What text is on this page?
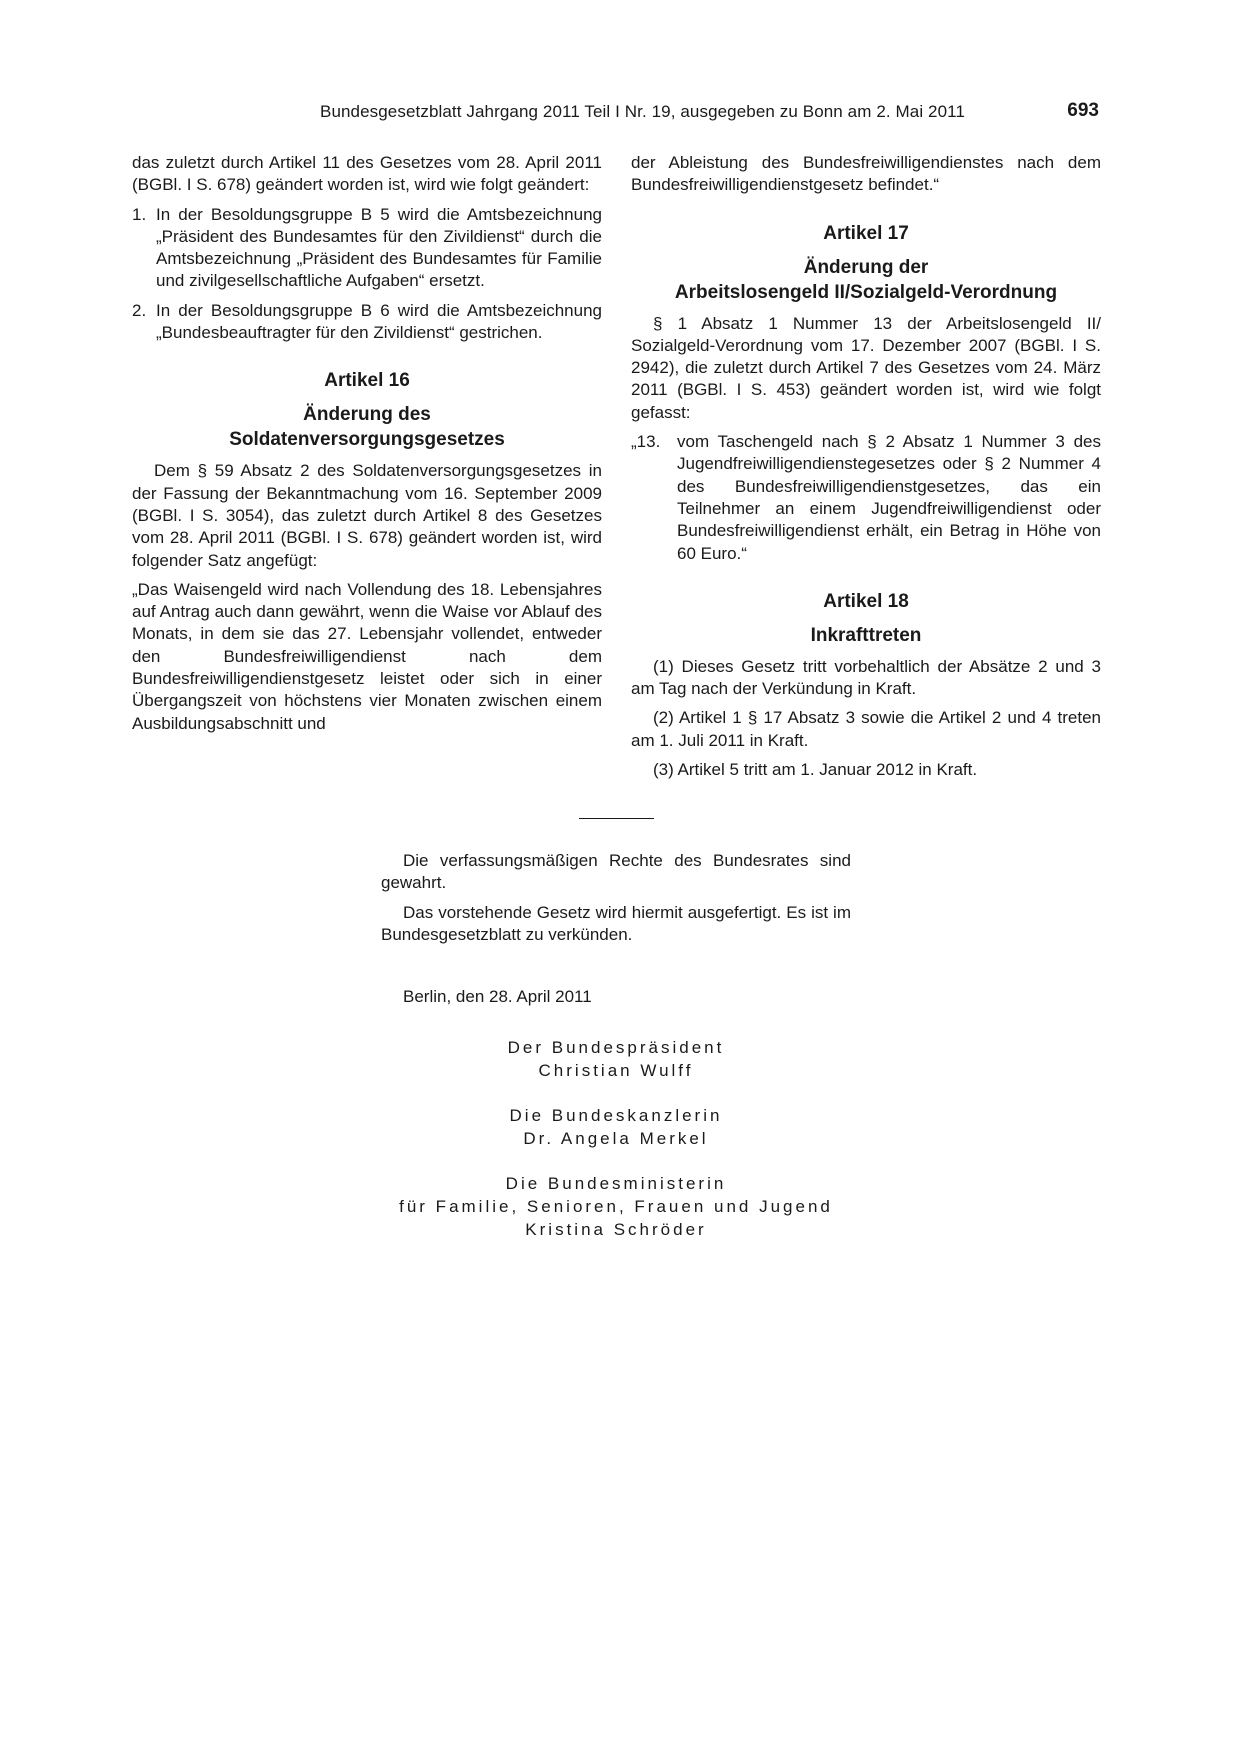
Bundesgesetzblatt Jahrgang 2011 Teil I Nr. 19, ausgegeben zu Bonn am 2. Mai 2011	693

das zuletzt durch Artikel 11 des Gesetzes vom 28. April 2011 (BGBl. I S. 678) geändert worden ist, wird wie folgt geändert:

1. In der Besoldungsgruppe B 5 wird die Amtsbezeichnung „Präsident des Bundesamtes für den Zivildienst“ durch die Amtsbezeichnung „Präsident des Bundesamtes für Familie und zivilgesellschaftliche Aufgaben“ ersetzt.
2. In der Besoldungsgruppe B 6 wird die Amtsbezeichnung „Bundesbeauftragter für den Zivildienst“ gestrichen.
Artikel 16
Änderung des
Soldatenversorgungsgesetzes

Dem § 59 Absatz 2 des Soldatenversorgungsgesetzes in der Fassung der Bekanntmachung vom 16. September 2009 (BGBl. I S. 3054), das zuletzt durch Artikel 8 des Gesetzes vom 28. April 2011 (BGBl. I S. 678) geändert worden ist, wird folgender Satz angefügt:

„Das Waisengeld wird nach Vollendung des 18. Lebensjahres auf Antrag auch dann gewährt, wenn die Waise vor Ablauf des Monats, in dem sie das 27. Lebensjahr vollendet, entweder den Bundesfreiwilligendienst nach dem Bundesfreiwilligendienstgesetz leistet oder sich in einer Übergangszeit von höchstens vier Monaten zwischen einem Ausbildungsabschnitt und

der Ableistung des Bundesfreiwilligendienstes nach dem Bundesfreiwilligendienstgesetz befindet.“

Artikel 17
Änderung der
Arbeitslosengeld II/Sozialgeld-Verordnung

§ 1 Absatz 1 Nummer 13 der Arbeitslosengeld II/ Sozialgeld-Verordnung vom 17. Dezember 2007 (BGBl. I S. 2942), die zuletzt durch Artikel 7 des Gesetzes vom 24. März 2011 (BGBl. I S. 453) geändert worden ist, wird wie folgt gefasst:

„13. vom Taschengeld nach § 2 Absatz 1 Nummer 3 des Jugendfreiwilligendienstegesetzes oder § 2 Nummer 4 des Bundesfreiwilligendienstgesetzes, das ein Teilnehmer an einem Jugendfreiwilligendienst oder Bundesfreiwilligendienst erhält, ein Betrag in Höhe von 60 Euro.“
Artikel 18
Inkrafttreten

(1) Dieses Gesetz tritt vorbehaltlich der Absätze 2 und 3 am Tag nach der Verkündung in Kraft.

(2) Artikel 1 § 17 Absatz 3 sowie die Artikel 2 und 4 treten am 1. Juli 2011 in Kraft.

(3) Artikel 5 tritt am 1. Januar 2012 in Kraft.

Die verfassungsmäßigen Rechte des Bundesrates sind gewahrt.

Das vorstehende Gesetz wird hiermit ausgefertigt. Es ist im Bundesgesetzblatt zu verkünden.

Berlin, den 28. April 2011

Der Bundespräsident
Christian Wulff
Die Bundeskanzlerin
Dr. Angela Merkel
Die Bundesministerin
für Familie, Senioren, Frauen und Jugend
Kristina Schröder
